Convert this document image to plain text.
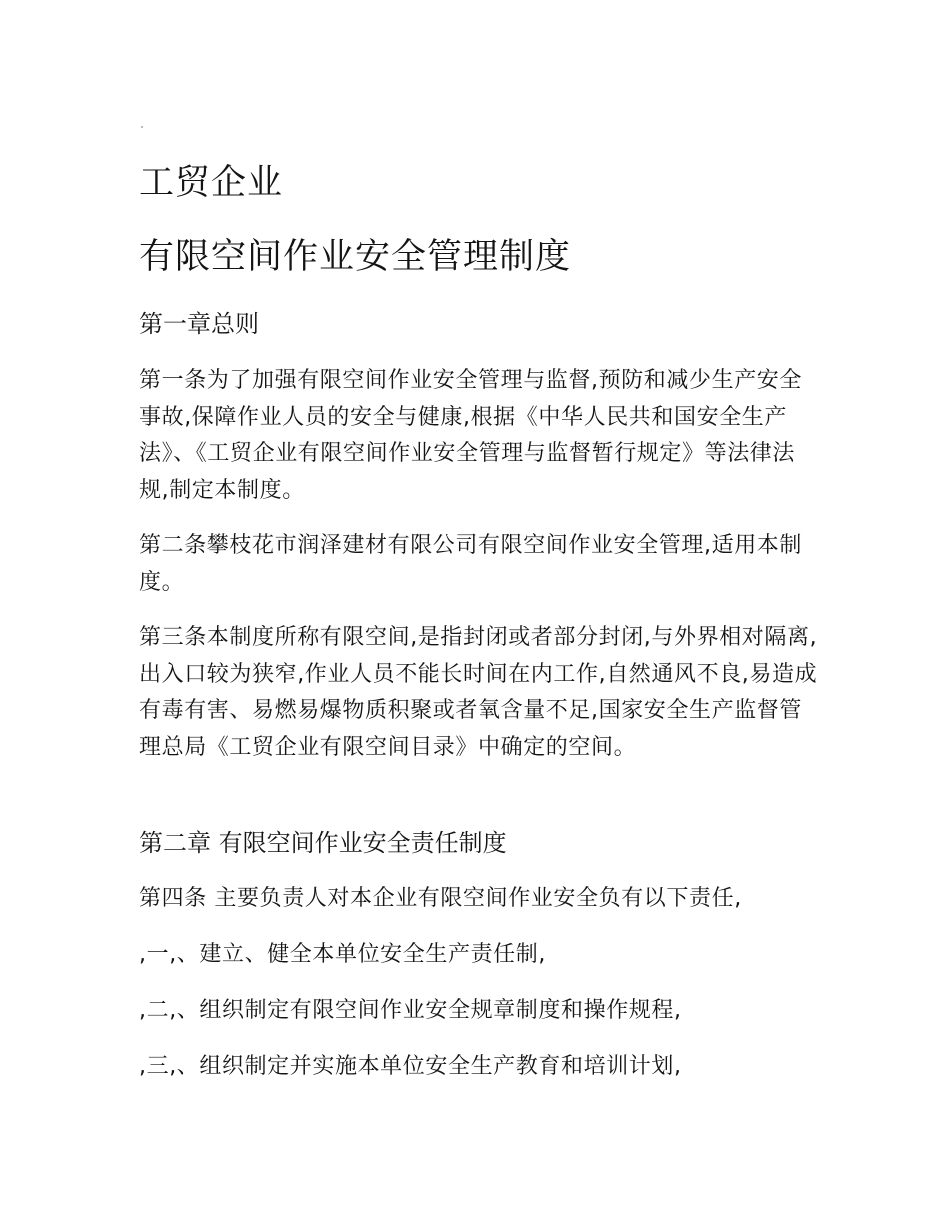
工贸企业
有限空间作业安全管理制度
第一章总则
第一条为了加强有限空间作业安全管理与监督,预防和减少生产安全事故,保障作业人员的安全与健康,根据《中华人民共和国安全生产法》、《工贸企业有限空间作业安全管理与监督暂行规定》等法律法规,制定本制度。
第二条攀枝花市润泽建材有限公司有限空间作业安全管理,适用本制度。
第三条本制度所称有限空间,是指封闭或者部分封闭,与外界相对隔离,出入口较为狭窄,作业人员不能长时间在内工作,自然通风不良,易造成有毒有害、易燃易爆物质积聚或者氧含量不足,国家安全生产监督管理总局《工贸企业有限空间目录》中确定的空间。
第二章 有限空间作业安全责任制度
第四条 主要负责人对本企业有限空间作业安全负有以下责任,
,一,、建立、健全本单位安全生产责任制,
,二,、组织制定有限空间作业安全规章制度和操作规程,
,三,、组织制定并实施本单位安全生产教育和培训计划,
